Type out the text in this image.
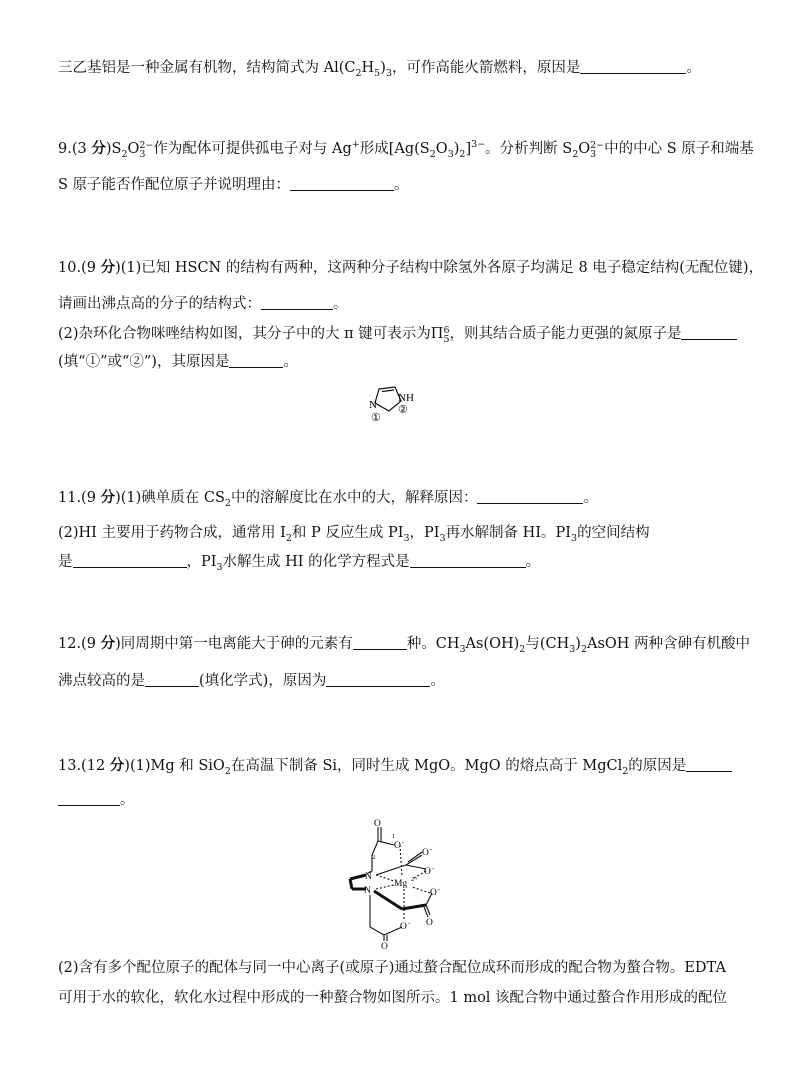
三乙基铝是一种金属有机物，结构简式为 $Al(C_2H_5)_3$，可作高能火箭燃料，原因是	。
9.(3 分)$S_2O$ 2−
3 作为配体可提供孤电子对与 Ag+形成$[Ag(S_2O_3)_2]^{3-}$。分析判断 $S_2O$ 2−
3 中的中心 S 原子和端基
S 原子能否作配位原子并说明理由：	。
10.(9 分)(1)已知 HSCN 的结构有两种，这两种分子结构中除氢外各原子均满足 8 电子稳定结构(无配位键)，
请画出沸点高的分子的结构式：	。
(2)杂环化合物咪唑结构如图，其分子中的大 π 键可表示为Π 6
5 ，则其结合质子能力更强的氮原子是
(填“①”或“②”)，其原因是	。
N
NH
①
②
11.(9 分)(1)碘单质在 $CS_2$中的溶解度比在水中的大，解释原因：	。
(2)HI 主要用于药物合成，通常用 $I_2$和 P 反应生成 $PI_3$，$PI_3$再水解制备 HI。$PI_3$的空间结构
是	，$PI_3$水解生成 HI 的化学方程式是	。
12.(9 分)同周期中第一电离能大于砷的元素有	种。$CH_3As(OH)_2$与$(CH_3)_2AsOH$ 两种含砷有机酸中
沸点较高的是	(填化学式)，原因为	。
13.(12 分)(1)Mg 和 SiO$_2$在高温下制备 Si，同时生成 MgO。MgO 的熔点高于 MgCl$_2$的原因是
。
O
O -
1
2	O -
O -
N
N
Mg 2+
O -
O
O -
O
(2)含有多个配位原子的配体与同一中心离子(或原子)通过螯合配位成环而形成的配合物为螯合物。EDTA
可用于水的软化，软化水过程中形成的一种螯合物如图所示。1 mol 该配合物中通过螯合作用形成的配位
